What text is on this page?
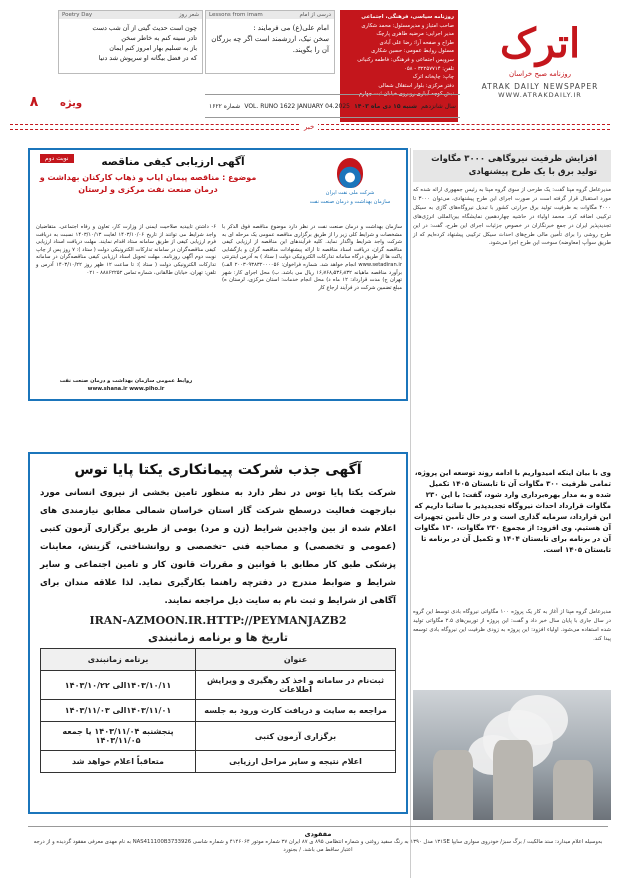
اترک
روزنامه صبح خراسان
ATRAK DAILY NEWSPAPER
WWW.ATRAKDAILY.IR
روزنامه سیاسی، فرهنگی، اجتماعی
صاحب امتیاز و مدیرمسئول: محمد شکاری
مدیر اجرایی: مرضیه طاهری پارچک
طراح و صفحه آرا: رضا علی آبادی
مسئول روابط عمومی: حسین شکاری
سرویس اجتماعی و فرهنگی: فاطمه رکنیانی
تلفن: ۳۲۲۵۷۷۱۴ - ۰۵۸
چاپ: چاپخانه اترک
دفتر مرکزی: بلوار استقلال شمالی
نبش کوچه آبیاری روبروی خیابان ثبت چهارم
Lessons from imam	درسی از امام
امام علی(ع) می فرمایند :
سخن نیک، ارزشمند است اگر چه بزرگان آن را بگویند.
Poetry Day	شعر روز
چون است حدیث گیتی از آن شب دست
تادر سینه کنم به خاطر سخن
باز به تسلیم بهار امروز کنم ایمان
که در فضل بیگانه او سرپوش شد دنیا
شماره ۱۶۲۲ VOL. RUNO 1622 JANUARY 04.2025 شنبه ۱۵ دی ماه ۱۴۰۳ سال شانزدهم
۸	ویژه
خبر
افزایش ظرفیت نیروگاهی ۳۰۰۰ مگاوات تولید برق با یک طرح پیشنهادی
مدیرعامل گروه مپنا گفت: یک طرحی از سوی گروه مپنا به رئیس جمهوری ارائه شده که مورد استقبال قرار گرفته است در صورت اجرای این طرح پیشنهادی، می‌توان ۳۰۰۰ تا ۴۰۰۰ مگاوات به ظرفیت تولید برق حرارتی کشور با تبدیل نیروگاه‌های گازی به سیکل ترکیبی اضافه کرد. محمد اولیاء در حاشیه چهاردهمین نمایشگاه بین‌المللی انرژی‌های تجدیدپذیر ایران در جمع خبرنگاران در خصوص جزئیات اجرای این طرح، گفت: در این طرح روشی را برای تأمین مالی طرح‌های احداث سیکل ترکیبی پیشنهاد کرده‌ایم که از طریق سوآپ (معاوضه) سوخت این طرح اجرا می‌شود.
وی با بیان اینکه امیدواریم با ادامه روند توسعه این پروژه، تمامی ظرفیت ۳۰۰ مگاوات آن تا تابستان ۱۴۰۵ تکمیل شده و به مدار بهره‌برداری وارد شود، گفت: با این ۲۳۰ مگاوات قرارداد احداث نیروگاه تجدیدپذیر با ساتبا داریم که این قرارداد، سرمایه گذاری است و در حال تأمین تجهیزات آن هستیم. وی افزود: از مجموع ۲۳۰ مگاوات، ۱۳۰ مگاوات آن در برنامه برای تابستان ۱۴۰۴ و تکمیل آن در برنامه تا تابستان ۱۴۰۵ است.
مدیرعامل گروه مپنا از آغاز به کار یک پروژه ۱۰۰ مگاواتی نیروگاه بادی توسط این گروه در سال جاری با پایان سال خبر داد و گفت: این پروژه از توربین‌های ۲.۵ مگاواتی تولید شده استفاده می‌شود. اولیاء افزود: این پروژه به زودی ظرفیت این نیروگاه بادی توسعه پیدا کند.
آگهی ارزیابی کیفی مناقصه
موضوع : مناقصه پیمان ایاب و ذهاب کارکنان بهداشت و درمان صنعت نفت مرکزی و لرستان
نوبت دوم
شرکت ملی نفت ایران
سازمان بهداشت و درمان صنعت نفت
سازمان بهداشت و درمان صنعت نفت در نظر دارد موضوع مناقصه فوق الذکر با مشخصات و شرایط کلی زیر را از طریق برگزاری مناقصه عمومی یک مرحله ای به شرکت واجد شرایط واگذار نماید. کلیه فرآیندهای این مناقصه از ارزیابی کیفی مناقصه گران، دریافت اسناد مناقصه تا ارائه پیشنهادات مناقصه گران و بازگشایی پاکت ها از طریق درگاه سامانه تدارکات الکترونیکی دولت ( ستاد ) به آدرس اینترنتی www.setadiran.ir انجام خواهد شد. شماره فراخوان: ۲۰۰۳۰۹۳۸۳۲۰۰۰۰۵۶ الف) برآورد مناقصه ماهیانه ۱۶٫۷۶۸٫۵۳۶٫۸۳۲ ریال می باشد. ب) محل اجرای کار: شهر تهران ج) مدت قرارداد: ۱۲ ماه د) محل انجام خدمات: استان مرکزی، لرستان ه) مبلغ تضمین شرکت در فرآیند ارجاع کار
۶- داشتن تاییدیه صلاحیت ایمنی از وزارت کار، تعاون و رفاه اجتماعی. متقاضیان واجد شرایط می توانند از تاریخ ۱۴۰۳/۱۰/۰۶ لغایت ۱۴۰۳/۱۰/۱۳ نسبت به دریافت فرم ارزیابی کیفی از طریق سامانه ستاد اقدام نمایند. مهلت دریافت اسناد ارزیابی کیفی مناقصه‌گران در سامانه تدارکات الکترونیکی دولت ( ستاد ): ۷ روز پس از چاپ نوبت دوم آگهی روزنامه. مهلت تحویل اسناد ارزیابی کیفی مناقصه‌گران در سامانه تدارکات الکترونیکی دولت ( ستاد ): تا ساعت ۱۲ ظهر روز ۱۴۰۳/۱۰/۲۲ آدرس و تلفن: تهران، خیابان طالقانی، شماره تماس ۸۸۸۶۲۲۵۲ - ۰۲۱
روابط عمومی سازمان بهداشت و درمان صنعت نفت
www.shana.ir www.piho.ir
آگهی جذب شرکت پیمانکاری یکتا پایا توس
شرکت یکتا پایا توس در نظر دارد به منظور تامین بخشی از نیروی انسانی مورد نیازجهت فعالیت درسطح شرکت گاز استان خراسان شمالی مطابق نیازمندی های اعلام شده از بین واجدین شرایط (زن و مرد) بومی از طریق برگزاری آزمون کتبی (عمومی و تخصصی) و مصاحبه فنی –تخصصی و روانشناختی، گزینش، معاینات پزشکی طبق کار مطابق با قوانین و مقررات قانون کار و تامین اجتماعی و سایر شرایط و ضوابط مندرج در دفترچه راهنما بکارگیری نماید. لذا علاقه مندان برای آگاهی از شرایط و ثبت نام به سایت ذیل مراجعه نمایند.
IRAN-AZMOON.IR.HTTP://PEYMANJAZB2
تاریخ ها و برنامه زمانبندی
عنوان	برنامه زمانبندی
ثبت‌نام در سامانه و اخذ کد رهگیری و ویرایش اطلاعات	۱۴۰۳/۱۰/۱۱الی ۱۴۰۳/۱۰/۲۲
مراجعه به سایت و دریافت کارت ورود به جلسه	۱۴۰۳/۱۱/۰۱الی ۱۴۰۳/۱۱/۰۳
برگزاری آزمون کتبی	پنجشنبه ۱۴۰۳/۱۱/۰۴ یا جمعه ۱۴۰۳/۱۱/۰۵
اعلام نتیجه و سایر مراحل ارزیابی	متعاقباً اعلام خواهد شد
مفقودی
به‌وسیله اعلام میدارد: سند مالکیت / برگ سبز/ خودروی سواری سایپا ۱۳۱SE مدل ۱۳۹۰ به رنگ سفید روغنی و شماره انتظامی ۸۹۵ ی ۸۷ ایران ۳۷ شماره موتور ۴۱۴۶۰۶۴ و شماره شاسی NAS411100B3733926 به نام مهدی معرفی مفقود گردیده و از درجه اعتبار ساقط می باشد. / بجنورد
